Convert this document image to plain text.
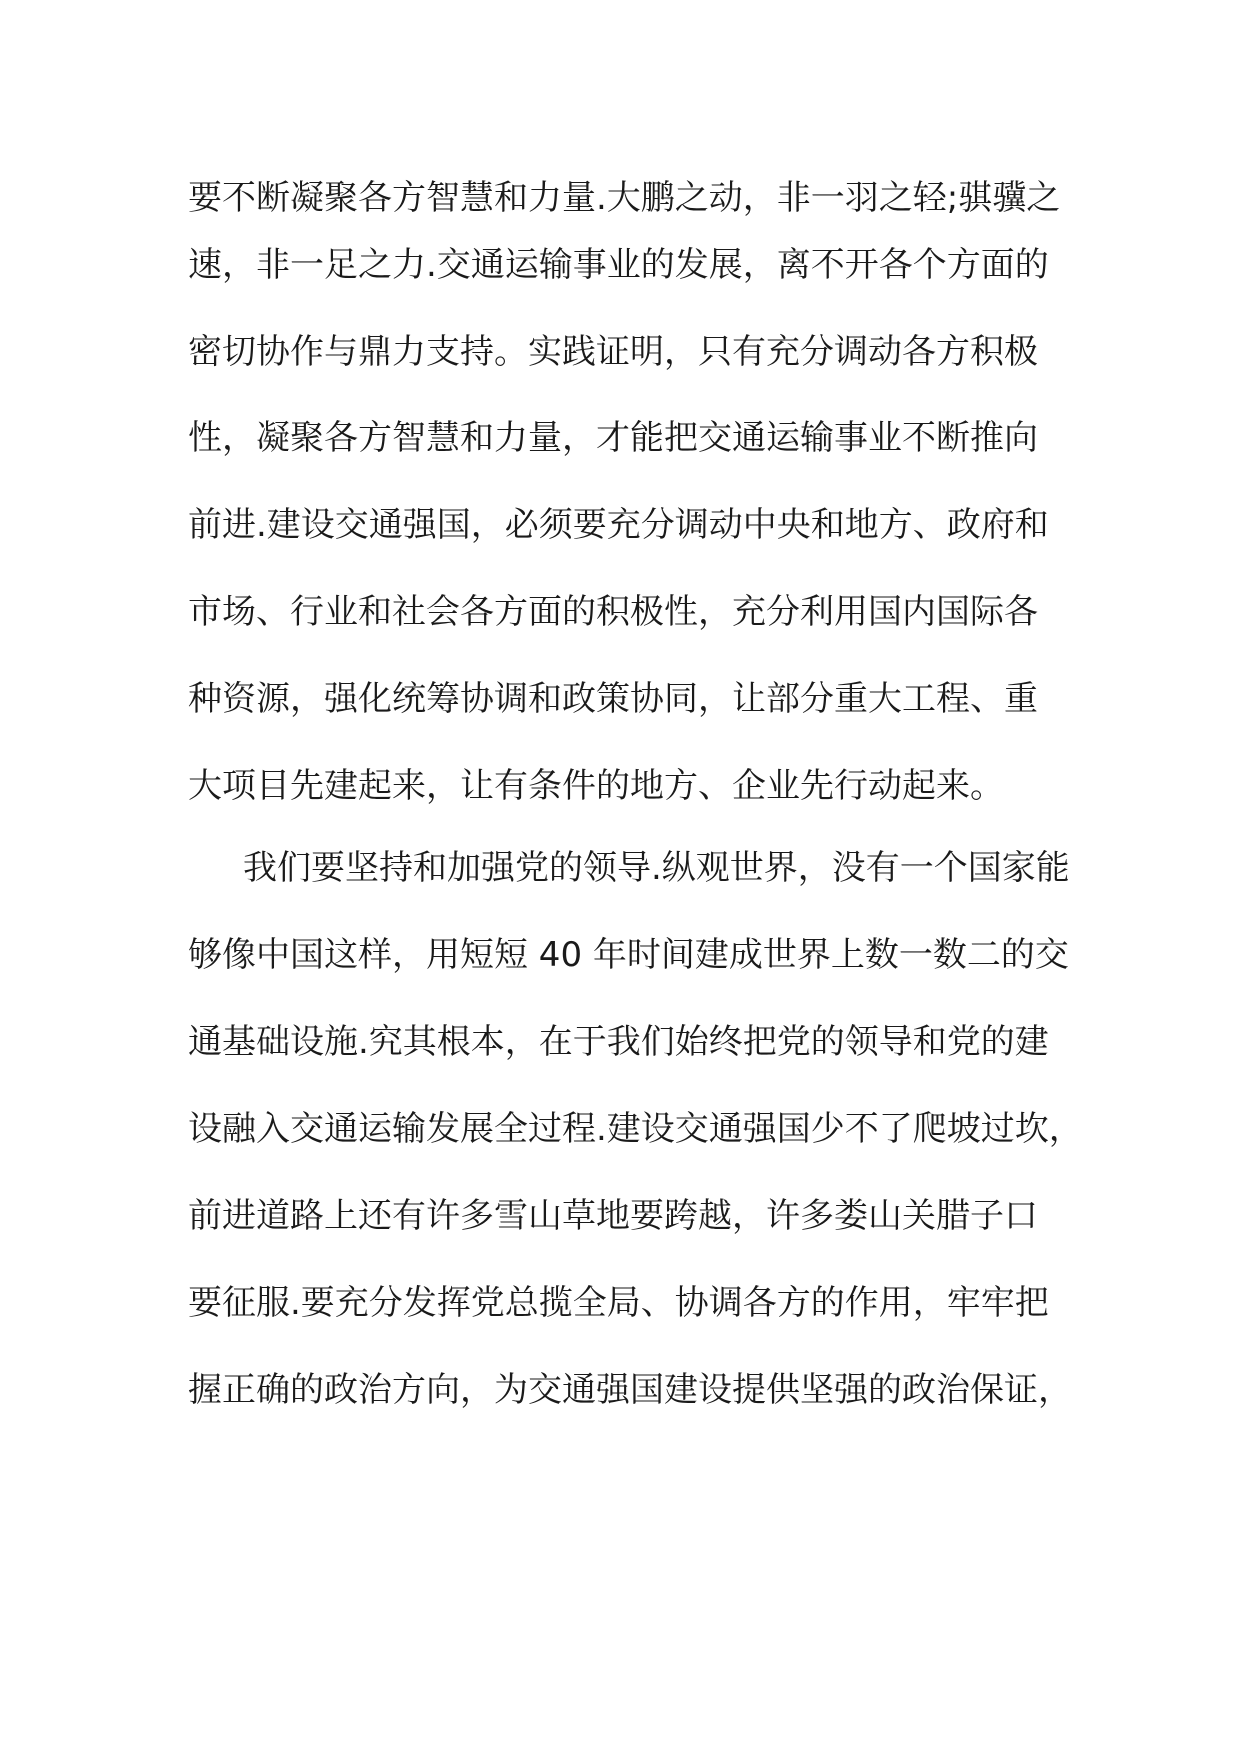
要不断凝聚各方智慧和力量.大鹏之动，非一羽之轻;骐骥之
速，非一足之力.交通运输事业的发展，离不开各个方面的
密切协作与鼎力支持。实践证明，只有充分调动各方积极
性，凝聚各方智慧和力量，才能把交通运输事业不断推向
前进.建设交通强国，必须要充分调动中央和地方、政府和
市场、行业和社会各方面的积极性，充分利用国内国际各
种资源，强化统筹协调和政策协同，让部分重大工程、重
大项目先建起来，让有条件的地方、企业先行动起来。
我们要坚持和加强党的领导.纵观世界，没有一个国家能
够像中国这样，用短短 40 年时间建成世界上数一数二的交
通基础设施.究其根本，在于我们始终把党的领导和党的建
设融入交通运输发展全过程.建设交通强国少不了爬坡过坎，
前进道路上还有许多雪山草地要跨越，许多娄山关腊子口
要征服.要充分发挥党总揽全局、协调各方的作用，牢牢把
握正确的政治方向，为交通强国建设提供坚强的政治保证，
